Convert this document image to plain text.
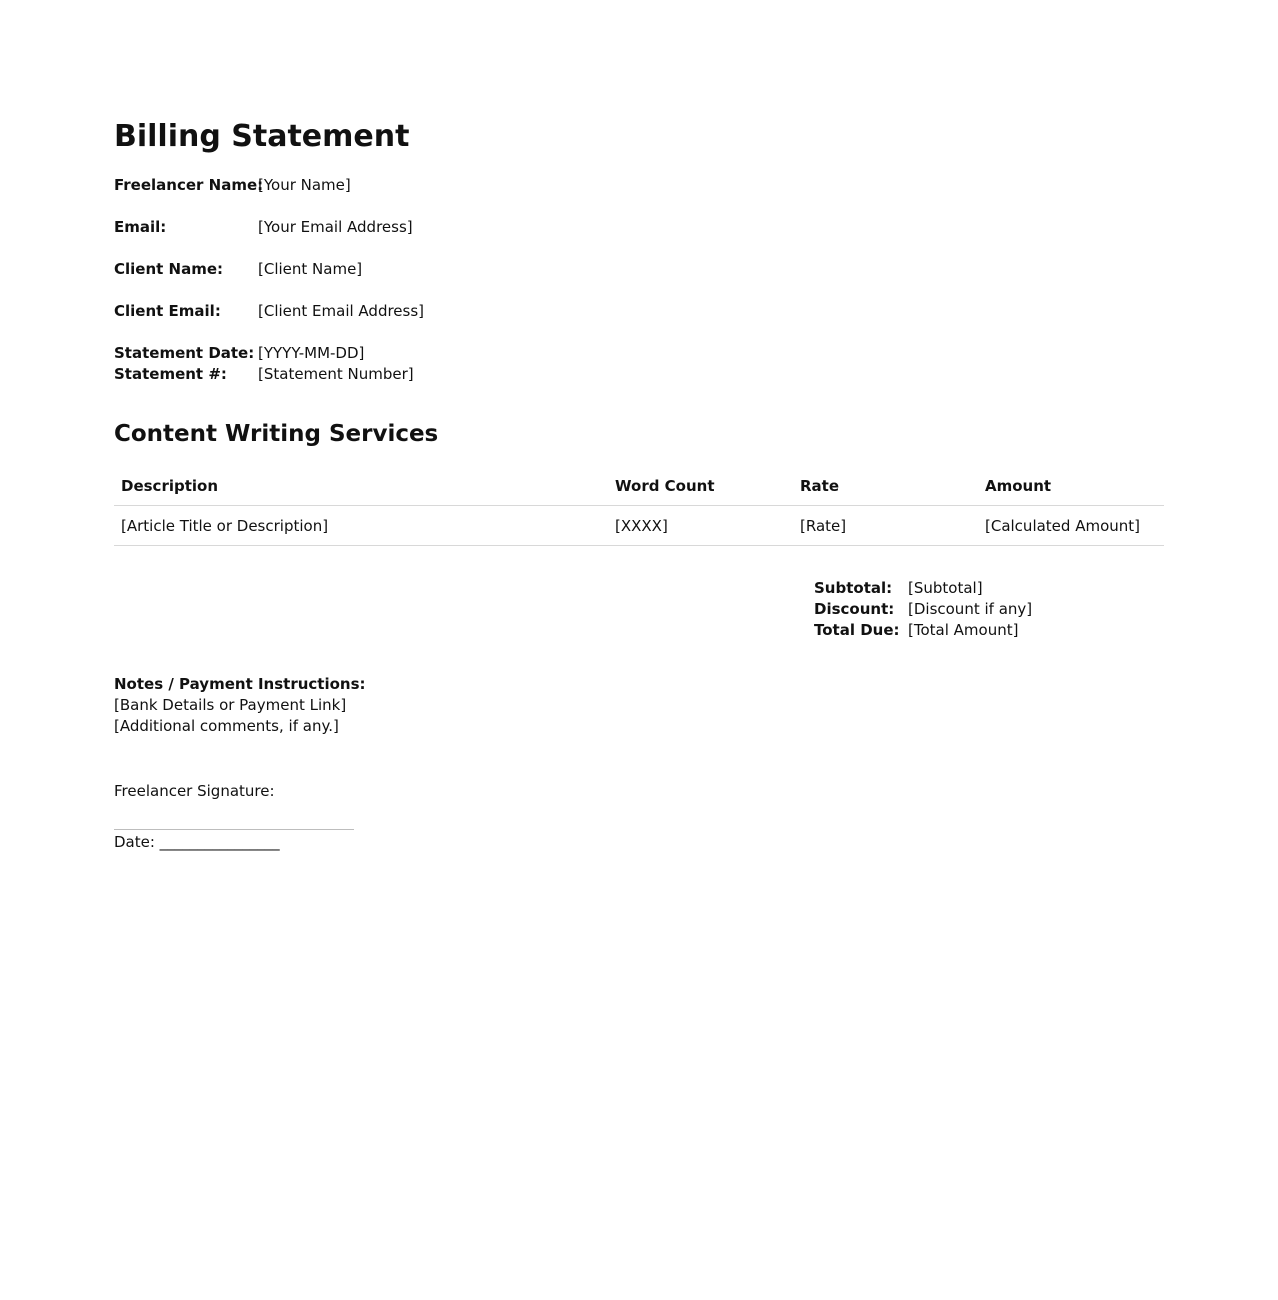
Billing Statement
Freelancer Name:
[Your Name]
Email:	[Your Email Address]
Client Name: [Client Name]
Client Email: [Client Email Address]
Statement Date: [YYYY-MM-DD]
Statement #: [Statement Number]
Content Writing Services
Description	Word Count	Rate	Amount
[Article Title or Description]	[XXXX]	[Rate]	[Calculated Amount]
Subtotal: [Subtotal]
Discount: [Discount if any]
Total Due: [Total Amount]
Notes / Payment Instructions:
[Bank Details or Payment Link]
[Additional comments, if any.]
Freelancer Signature:
Date: ________________
